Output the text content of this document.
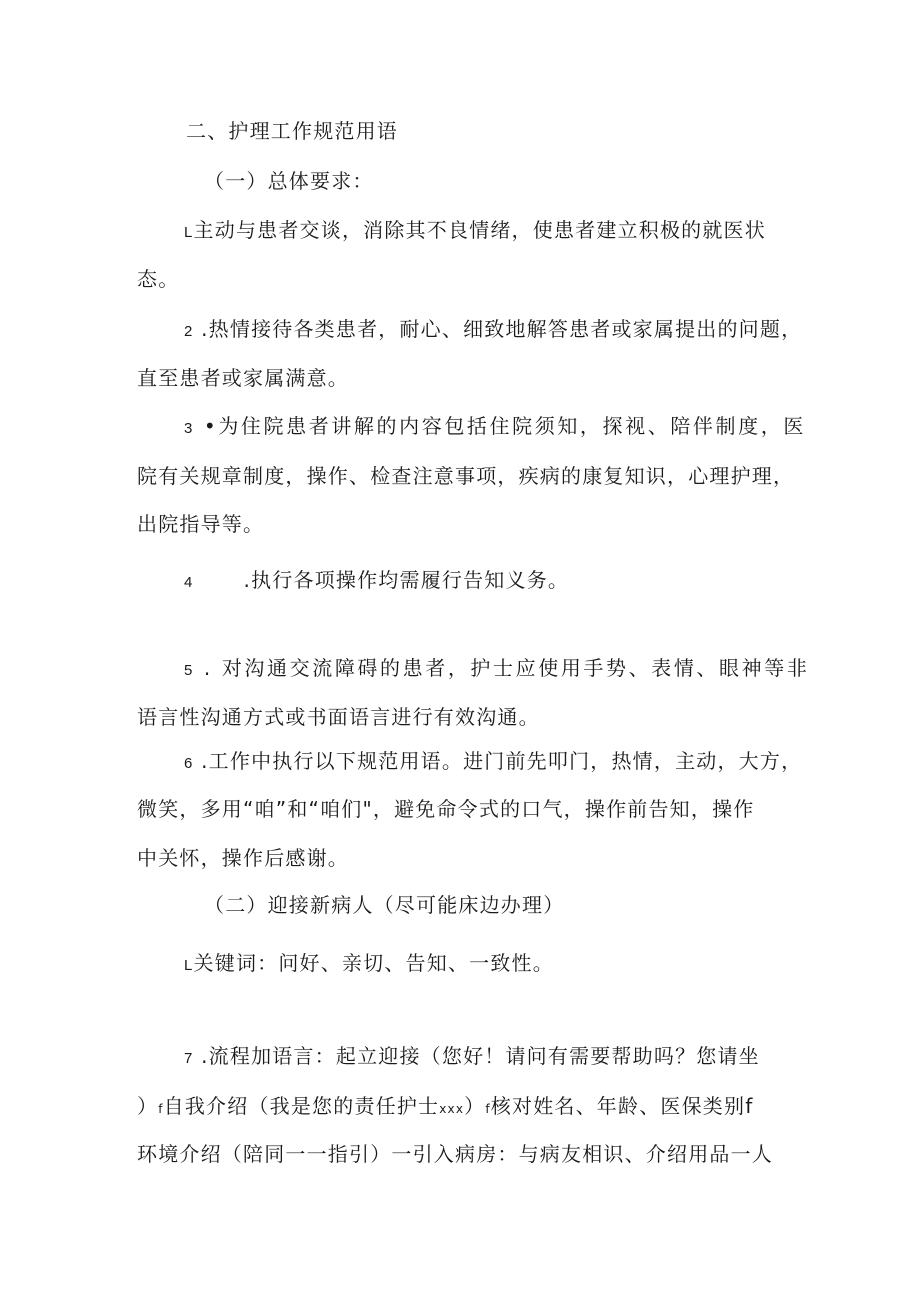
二、护理工作规范用语
（一）总体要求：
L主动与患者交谈，消除其不良情绪，使患者建立积极的就医状
态。
2 .热情接待各类患者，耐心、细致地解答患者或家属提出的问题，
直至患者或家属满意。
3 •为住院患者讲解的内容包括住院须知，探视、陪伴制度，医
院有关规章制度，操作、检查注意事项，疾病的康复知识，心理护理，
出院指导等。
4	.执行各项操作均需履行告知义务。
5 . 对沟通交流障碍的患者，护士应使用手势、表情、眼神等非
语言性沟通方式或书面语言进行有效沟通。
6 .工作中执行以下规范用语。进门前先叩门，热情，主动，大方，
微笑，多用“咱”和“咱们"，避免命令式的口气，操作前告知，操作
中关怀，操作后感谢。
（二）迎接新病人（尽可能床边办理）
L关键词：问好、亲切、告知、一致性。
7 .流程加语言：起立迎接（您好！请问有需要帮助吗？您请坐
）f自我介绍（我是您的责任护士xxx）f核对姓名、年龄、医保类别f
环境介绍（陪同一一指引）一引入病房：与病友相识、介绍用品一人
